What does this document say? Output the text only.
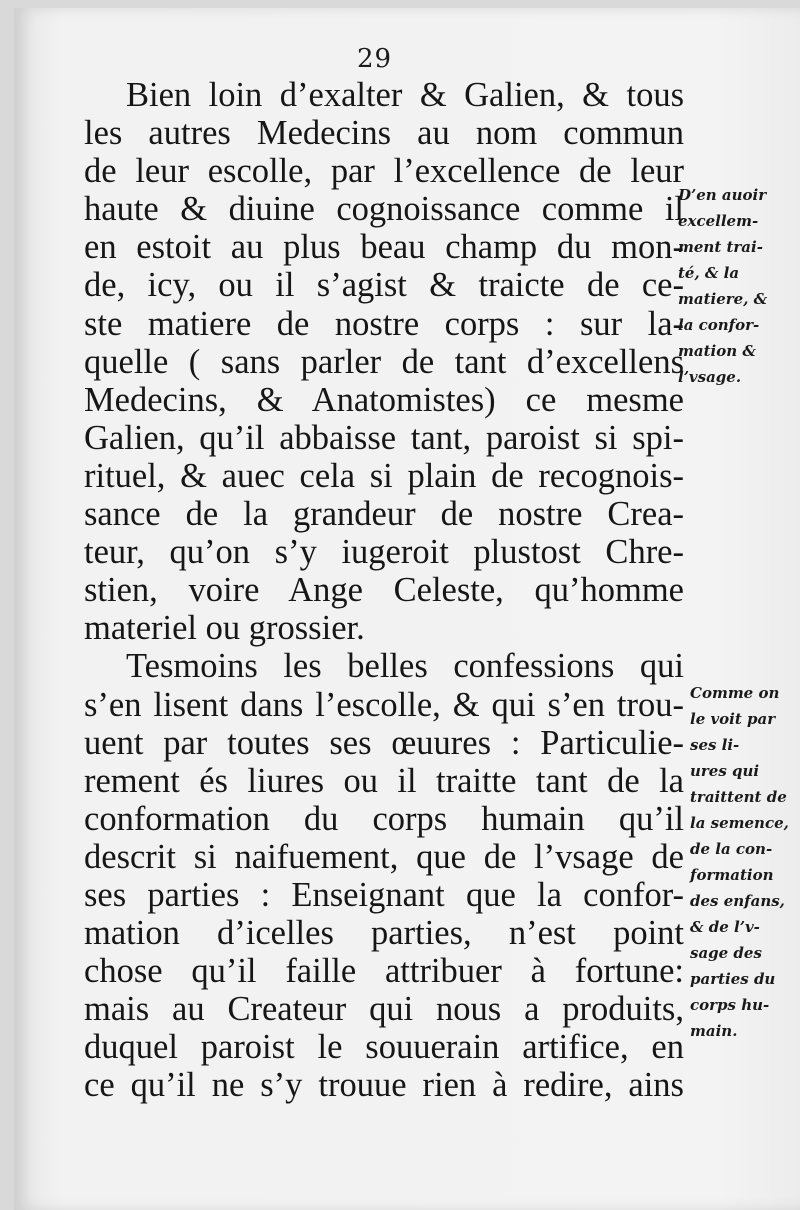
29
Bien loin d’exalter & Galien, & tous
les autres Medecins au nom commun
de leur escolle, par l’excellence de leur
haute & diuine cognoissance comme il
en estoit au plus beau champ du mon-
de, icy, ou il s’agist & traicte de ce-
ste matiere de nostre corps : sur la-
quelle ( sans parler de tant d’excellens
Medecins, & Anatomistes) ce mesme
Galien, qu’il abbaisse tant, paroist si spi-
rituel, & auec cela si plain de recognois-
sance de la grandeur de nostre Crea-
teur, qu’on s’y iugeroit plustost Chre-
stien, voire Ange Celeste, qu’homme
materiel ou grossier.
Tesmoins les belles confessions qui
s’en lisent dans l’escolle, & qui s’en trou-
uent par toutes ses œuures : Particulie-
rement és liures ou il traitte tant de la
conformation du corps humain qu’il
descrit si naifuement, que de l’vsage de
ses parties : Enseignant que la confor-
mation d’icelles parties, n’est point
chose qu’il faille attribuer à fortune:
mais au Createur qui nous a produits,
duquel paroist le souuerain artifice, en
ce qu’il ne s’y trouue rien à redire, ains
D’en auoir
excellem-
ment trai-
té, & la
matiere, &
la confor-
mation &
l’vsage.
Comme on
le voit par
ses li-
ures qui
traittent de
la semence,
de la con-
formation
des enfans,
& de l’v-
sage des
parties du
corps hu-
main.
